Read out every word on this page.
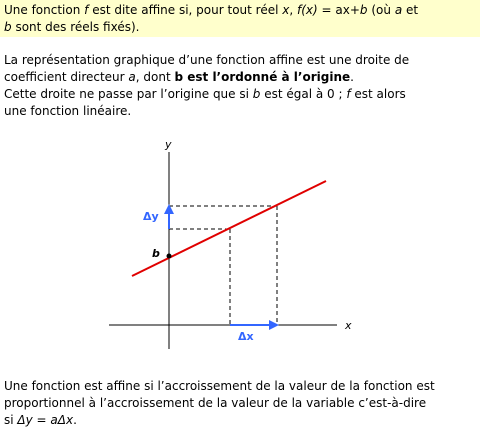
Une fonction f est dite affine si, pour tout réel x, f(x) = ax+b (où a et
b sont des réels fixés).
La représentation graphique d’une fonction affine est une droite de
coefficient directeur a, dont b est l’ordonné à l’origine.
Cette droite ne passe par l’origine que si b est égal à 0 ; f est alors
une fonction linéaire.
y
x
b
Δy
Δx
Une fonction est affine si l’accroissement de la valeur de la fonction est
proportionnel à l’accroissement de la valeur de la variable c’est-à-dire
si Δy = aΔx.
